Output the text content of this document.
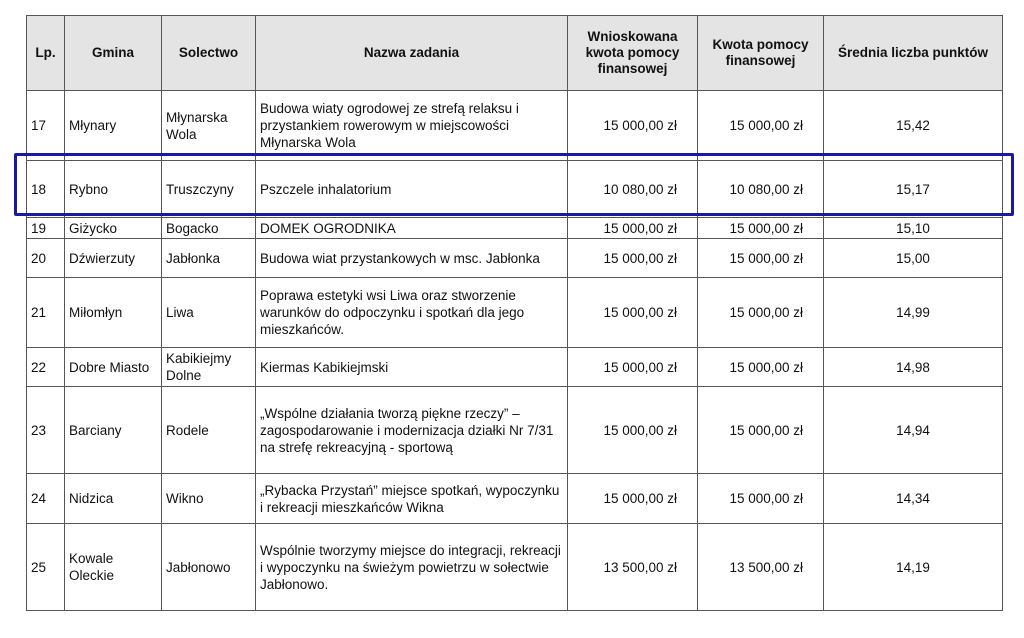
Lp.	Gmina	Solectwo	Nazwa zadania	Wnioskowana kwota pomocy finansowej	Kwota pomocy finansowej	Średnia liczba punktów
17	Młynary	Młynarska Wola	Budowa wiaty ogrodowej ze strefą relaksu i przystankiem rowerowym w miejscowości Młynarska Wola	15 000,00 zł	15 000,00 zł	15,42
18	Rybno	Truszczyny	Pszczele inhalatorium	10 080,00 zł	10 080,00 zł	15,17
19	Giżycko	Bogacko	DOMEK OGRODNIKA	15 000,00 zł	15 000,00 zł	15,10
20	Dźwierzuty	Jabłonka	Budowa wiat przystankowych w msc. Jabłonka	15 000,00 zł	15 000,00 zł	15,00
21	Miłomłyn	Liwa	Poprawa estetyki wsi Liwa oraz stworzenie warunków do odpoczynku i spotkań dla jego mieszkańców.	15 000,00 zł	15 000,00 zł	14,99
22	Dobre Miasto	Kabikiejmy Dolne	Kiermas Kabikiejmski	15 000,00 zł	15 000,00 zł	14,98
23	Barciany	Rodele	„Wspólne działania tworzą piękne rzeczy” – zagospodarowanie i modernizacja działki Nr 7/31 na strefę rekreacyjną - sportową	15 000,00 zł	15 000,00 zł	14,94
24	Nidzica	Wikno	„Rybacka Przystań” miejsce spotkań, wypoczynku i rekreacji mieszkańców Wikna	15 000,00 zł	15 000,00 zł	14,34
25	Kowale Oleckie	Jabłonowo	Wspólnie tworzymy miejsce do integracji, rekreacji i wypoczynku na świeżym powietrzu w sołectwie Jabłonowo.	13 500,00 zł	13 500,00 zł	14,19
